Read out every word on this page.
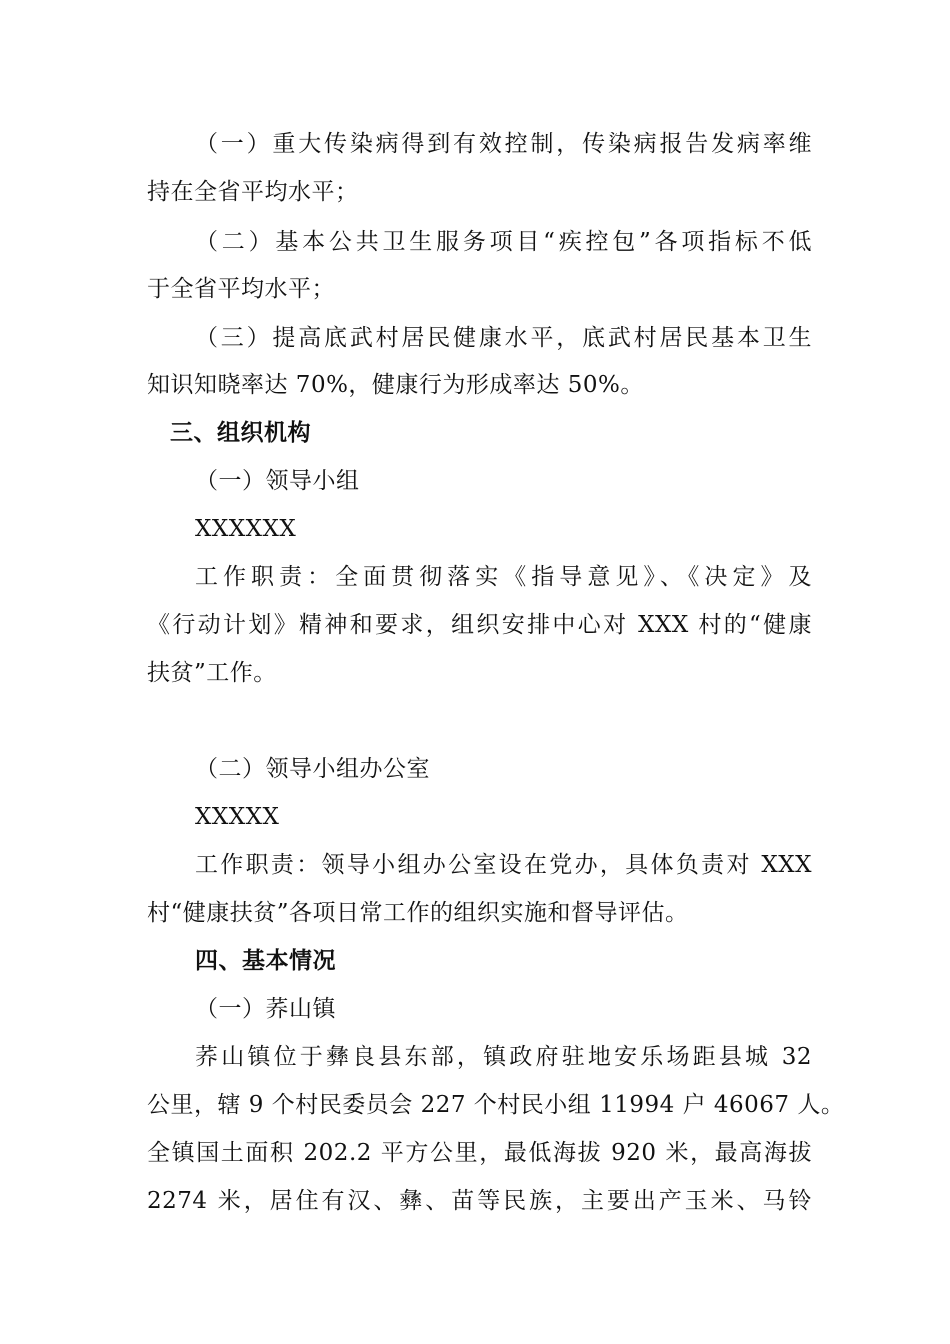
（一）重大传染病得到有效控制，传染病报告发病率维
持在全省平均水平；
（二）基本公共卫生服务项目“疾控包”各项指标不低
于全省平均水平；
（三）提高底武村居民健康水平，底武村居民基本卫生
知识知晓率达 70%，健康行为形成率达 50%。
三、组织机构
（一）领导小组
XXXXXX
工作职责：全面贯彻落实《指导意见》、《决定》及
《行动计划》精神和要求，组织安排中心对 XXX 村的“健康
扶贫”工作。
（二）领导小组办公室
XXXXX
工作职责：领导小组办公室设在党办，具体负责对 XXX
村“健康扶贫”各项日常工作的组织实施和督导评估。
四、基本情况
（一）荞山镇
荞山镇位于彝良县东部，镇政府驻地安乐场距县城 32
公里，辖 9 个村民委员会 227 个村民小组 11994 户 46067 人。
全镇国土面积 202.2 平方公里，最低海拔 920 米，最高海拔
2274 米，居住有汉、彝、苗等民族，主要出产玉米、马铃
